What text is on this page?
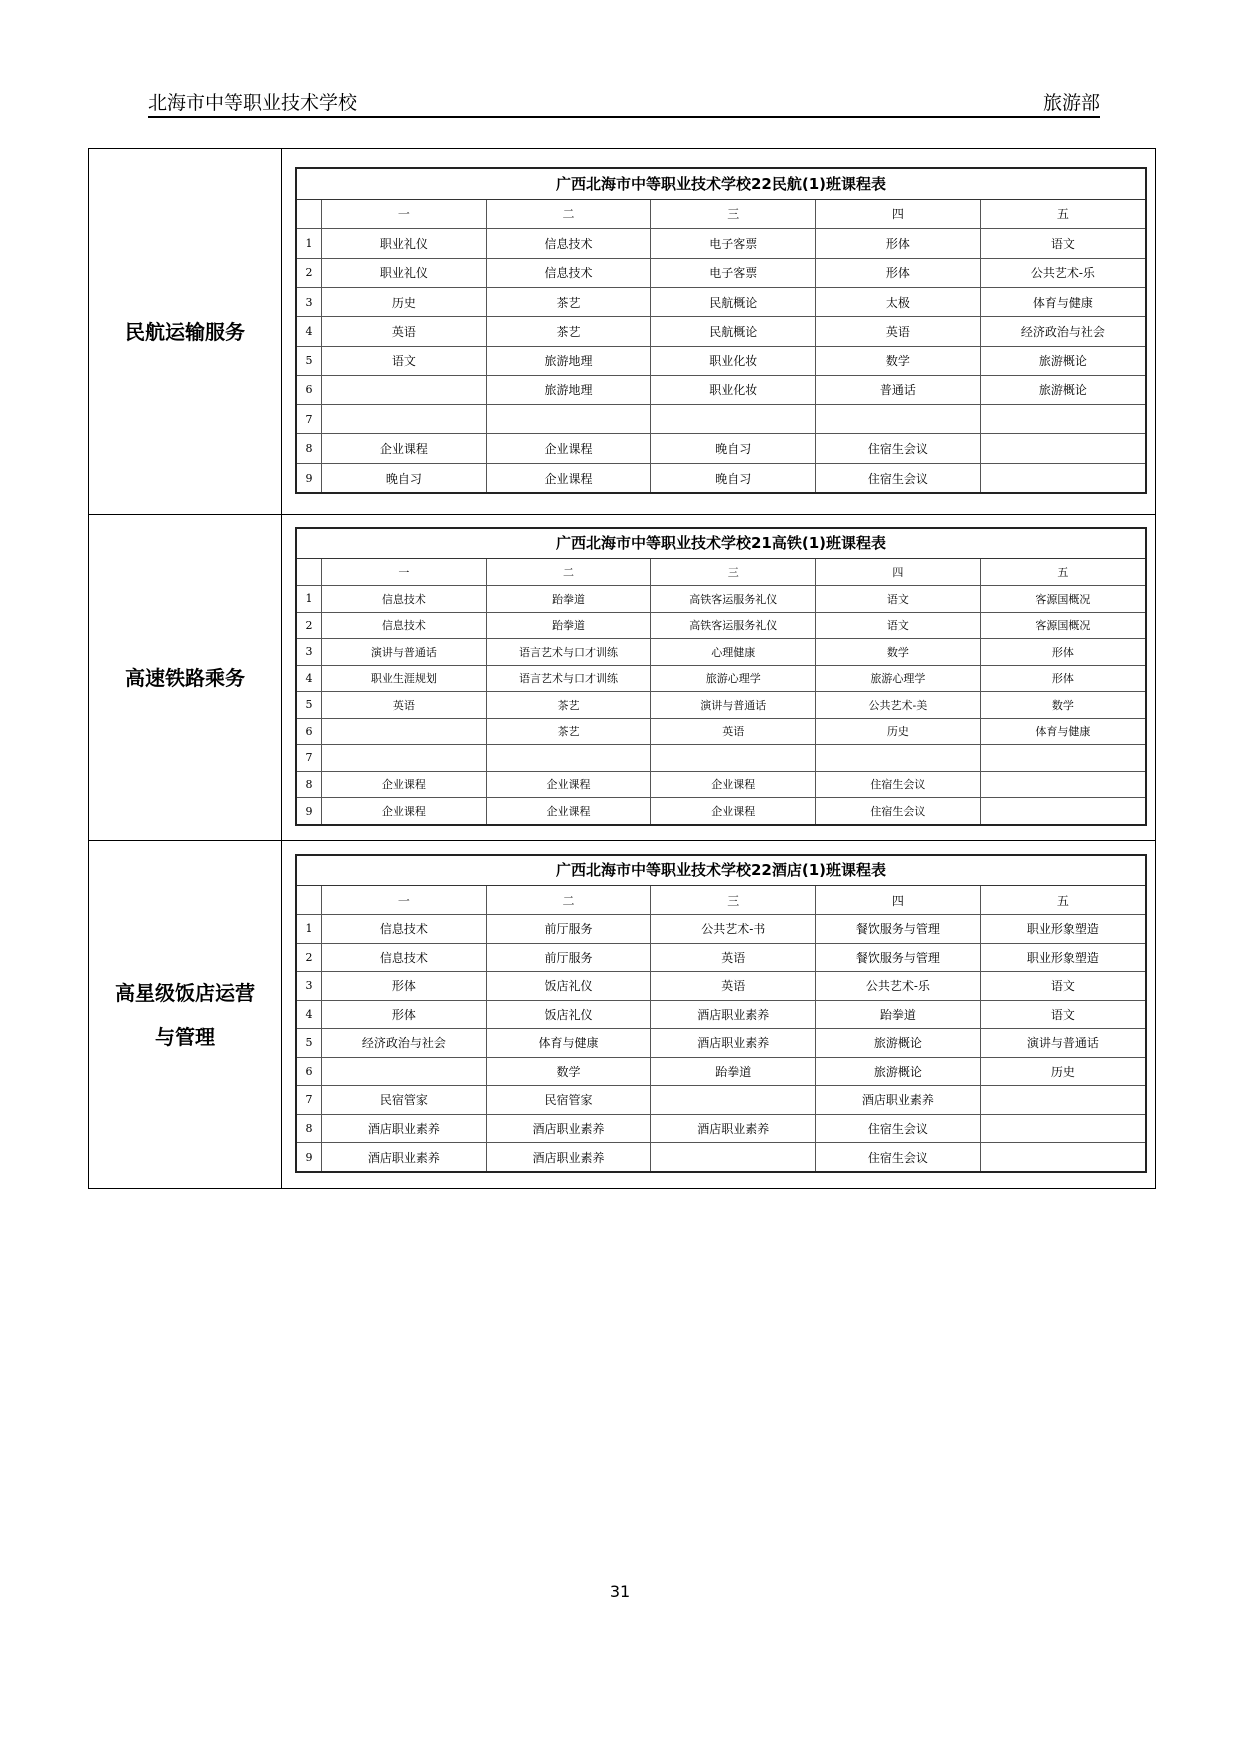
北海市中等职业技术学校	旅游部
民航运输服务	
广西北海市中等职业技术学校22民航(1)班课程表
	一	二	三	四	五
1	职业礼仪	信息技术	电子客票	形体	语文
2	职业礼仪	信息技术	电子客票	形体	公共艺术-乐
3	历史	茶艺	民航概论	太极	体育与健康
4	英语	茶艺	民航概论	英语	经济政治与社会
5	语文	旅游地理	职业化妆	数学	旅游概论
6		旅游地理	职业化妆	普通话	旅游概论
7					
8	企业课程	企业课程	晚自习	住宿生会议	
9	晚自习	企业课程	晚自习	住宿生会议	

高速铁路乘务	
广西北海市中等职业技术学校21高铁(1)班课程表
	一	二	三	四	五
1	信息技术	跆拳道	高铁客运服务礼仪	语文	客源国概况
2	信息技术	跆拳道	高铁客运服务礼仪	语文	客源国概况
3	演讲与普通话	语言艺术与口才训练	心理健康	数学	形体
4	职业生涯规划	语言艺术与口才训练	旅游心理学	旅游心理学	形体
5	英语	茶艺	演讲与普通话	公共艺术-美	数学
6		茶艺	英语	历史	体育与健康
7					
8	企业课程	企业课程	企业课程	住宿生会议	
9	企业课程	企业课程	企业课程	住宿生会议	

高星级饭店运营
与管理

广西北海市中等职业技术学校22酒店(1)班课程表
	一	二	三	四	五
1	信息技术	前厅服务	公共艺术-书	餐饮服务与管理	职业形象塑造
2	信息技术	前厅服务	英语	餐饮服务与管理	职业形象塑造
3	形体	饭店礼仪	英语	公共艺术-乐	语文
4	形体	饭店礼仪	酒店职业素养	跆拳道	语文
5	经济政治与社会	体育与健康	酒店职业素养	旅游概论	演讲与普通话
6		数学	跆拳道	旅游概论	历史
7	民宿管家	民宿管家		酒店职业素养	
8	酒店职业素养	酒店职业素养	酒店职业素养	住宿生会议	
9	酒店职业素养	酒店职业素养		住宿生会议	
31
